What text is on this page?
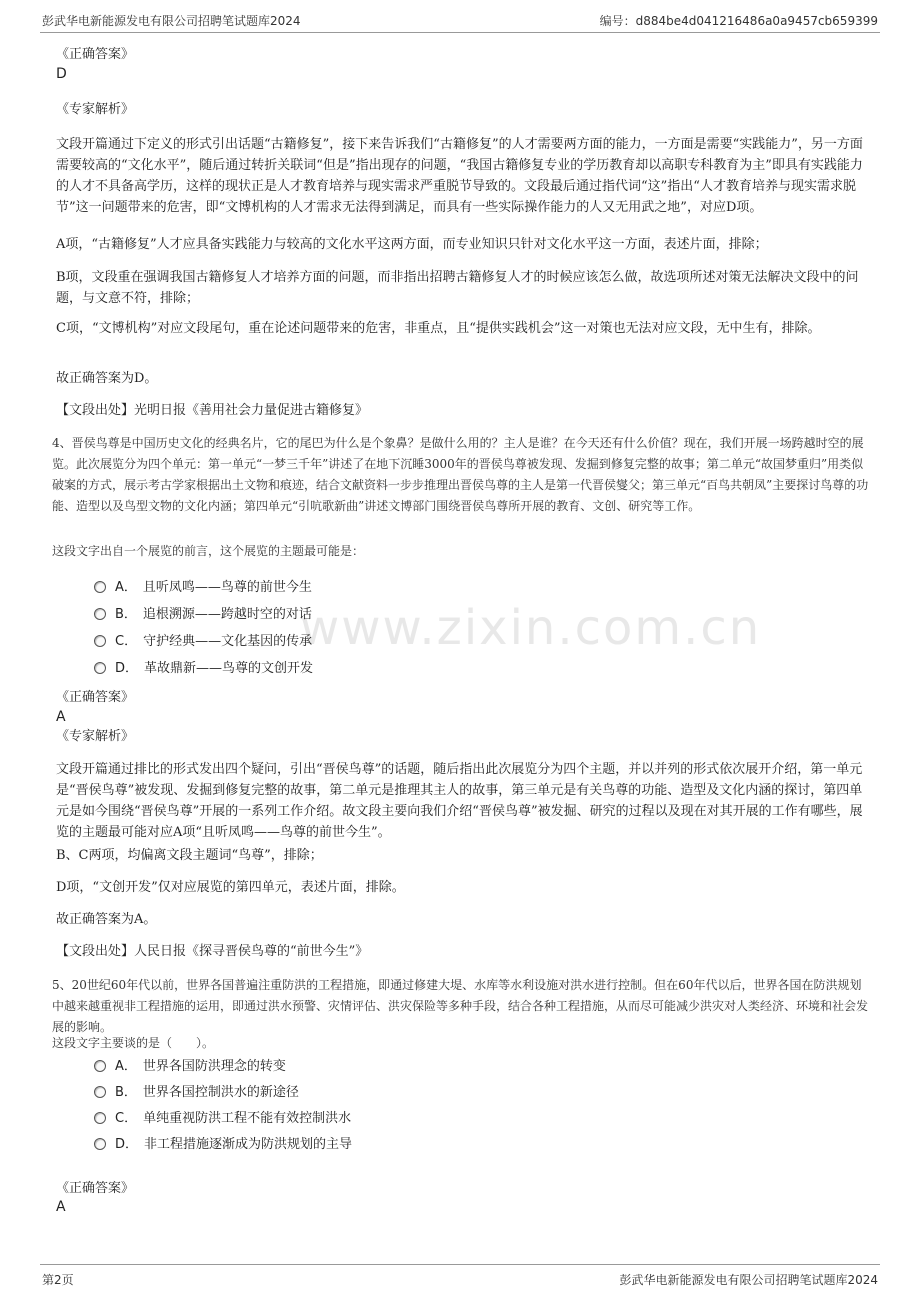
彭武华电新能源发电有限公司招聘笔试题库2024	编号：d884be4d041216486a0a9457cb659399
www.zixin.com.cn

《正确答案》

D

《专家解析》

文段开篇通过下定义的形式引出话题“古籍修复”，接下来告诉我们“古籍修复”的人才需要两方面的能力，一方面是需要“实践能力”，另一方面需要较高的“文化水平”，随后通过转折关联词“但是”指出现存的问题，“我国古籍修复专业的学历教育却以高职专科教育为主”即具有实践能力的人才不具备高学历，这样的现状正是人才教育培养与现实需求严重脱节导致的。文段最后通过指代词“这”指出“人才教育培养与现实需求脱节”这一问题带来的危害，即“文博机构的人才需求无法得到满足，而具有一些实际操作能力的人又无用武之地”，对应D项。

A项，“古籍修复”人才应具备实践能力与较高的文化水平这两方面，而专业知识只针对文化水平这一方面，表述片面，排除；

B项，文段重在强调我国古籍修复人才培养方面的问题，而非指出招聘古籍修复人才的时候应该怎么做，故选项所述对策无法解决文段中的问题，与文意不符，排除；

C项，“文博机构”对应文段尾句，重在论述问题带来的危害，非重点，且“提供实践机会”这一对策也无法对应文段，无中生有，排除。

故正确答案为D。

【文段出处】光明日报《善用社会力量促进古籍修复》

4、晋侯鸟尊是中国历史文化的经典名片，它的尾巴为什么是个象鼻？是做什么用的？主人是谁？在今天还有什么价值？现在，我们开展一场跨越时空的展览。此次展览分为四个单元：第一单元“一梦三千年”讲述了在地下沉睡3000年的晋侯鸟尊被发现、发掘到修复完整的故事；第二单元“故国梦重归”用类似破案的方式，展示考古学家根据出土文物和痕迹，结合文献资料一步步推理出晋侯鸟尊的主人是第一代晋侯燮父；第三单元“百鸟共朝凤”主要探讨鸟尊的功能、造型以及鸟型文物的文化内涵；第四单元“引吭歌新曲”讲述文博部门围绕晋侯鸟尊所开展的教育、文创、研究等工作。

这段文字出自一个展览的前言，这个展览的主题最可能是：

A． 且听凤鸣——鸟尊的前世今生
B． 追根溯源——跨越时空的对话
C． 守护经典——文化基因的传承
D． 革故鼎新——鸟尊的文创开发

《正确答案》

A

《专家解析》

文段开篇通过排比的形式发出四个疑问，引出“晋侯鸟尊”的话题，随后指出此次展览分为四个主题，并以并列的形式依次展开介绍，第一单元是“晋侯鸟尊”被发现、发掘到修复完整的故事，第二单元是推理其主人的故事，第三单元是有关鸟尊的功能、造型及文化内涵的探讨，第四单元是如今围绕“晋侯鸟尊”开展的一系列工作介绍。故文段主要向我们介绍“晋侯鸟尊”被发掘、研究的过程以及现在对其开展的工作有哪些，展览的主题最可能对应A项“且听凤鸣——鸟尊的前世今生”。

B、C两项，均偏离文段主题词“鸟尊”，排除；

D项，“文创开发”仅对应展览的第四单元，表述片面，排除。

故正确答案为A。

【文段出处】人民日报《探寻晋侯鸟尊的“前世今生”》

5、20世纪60年代以前，世界各国普遍注重防洪的工程措施，即通过修建大堤、水库等水利设施对洪水进行控制。但在60年代以后，世界各国在防洪规划中越来越重视非工程措施的运用，即通过洪水预警、灾情评估、洪灾保险等多种手段，结合各种工程措施，从而尽可能减少洪灾对人类经济、环境和社会发展的影响。

这段文字主要谈的是（　　）。

A． 世界各国防洪理念的转变
B． 世界各国控制洪水的新途径
C． 单纯重视防洪工程不能有效控制洪水
D． 非工程措施逐渐成为防洪规划的主导

《正确答案》

A

第2页	彭武华电新能源发电有限公司招聘笔试题库2024
